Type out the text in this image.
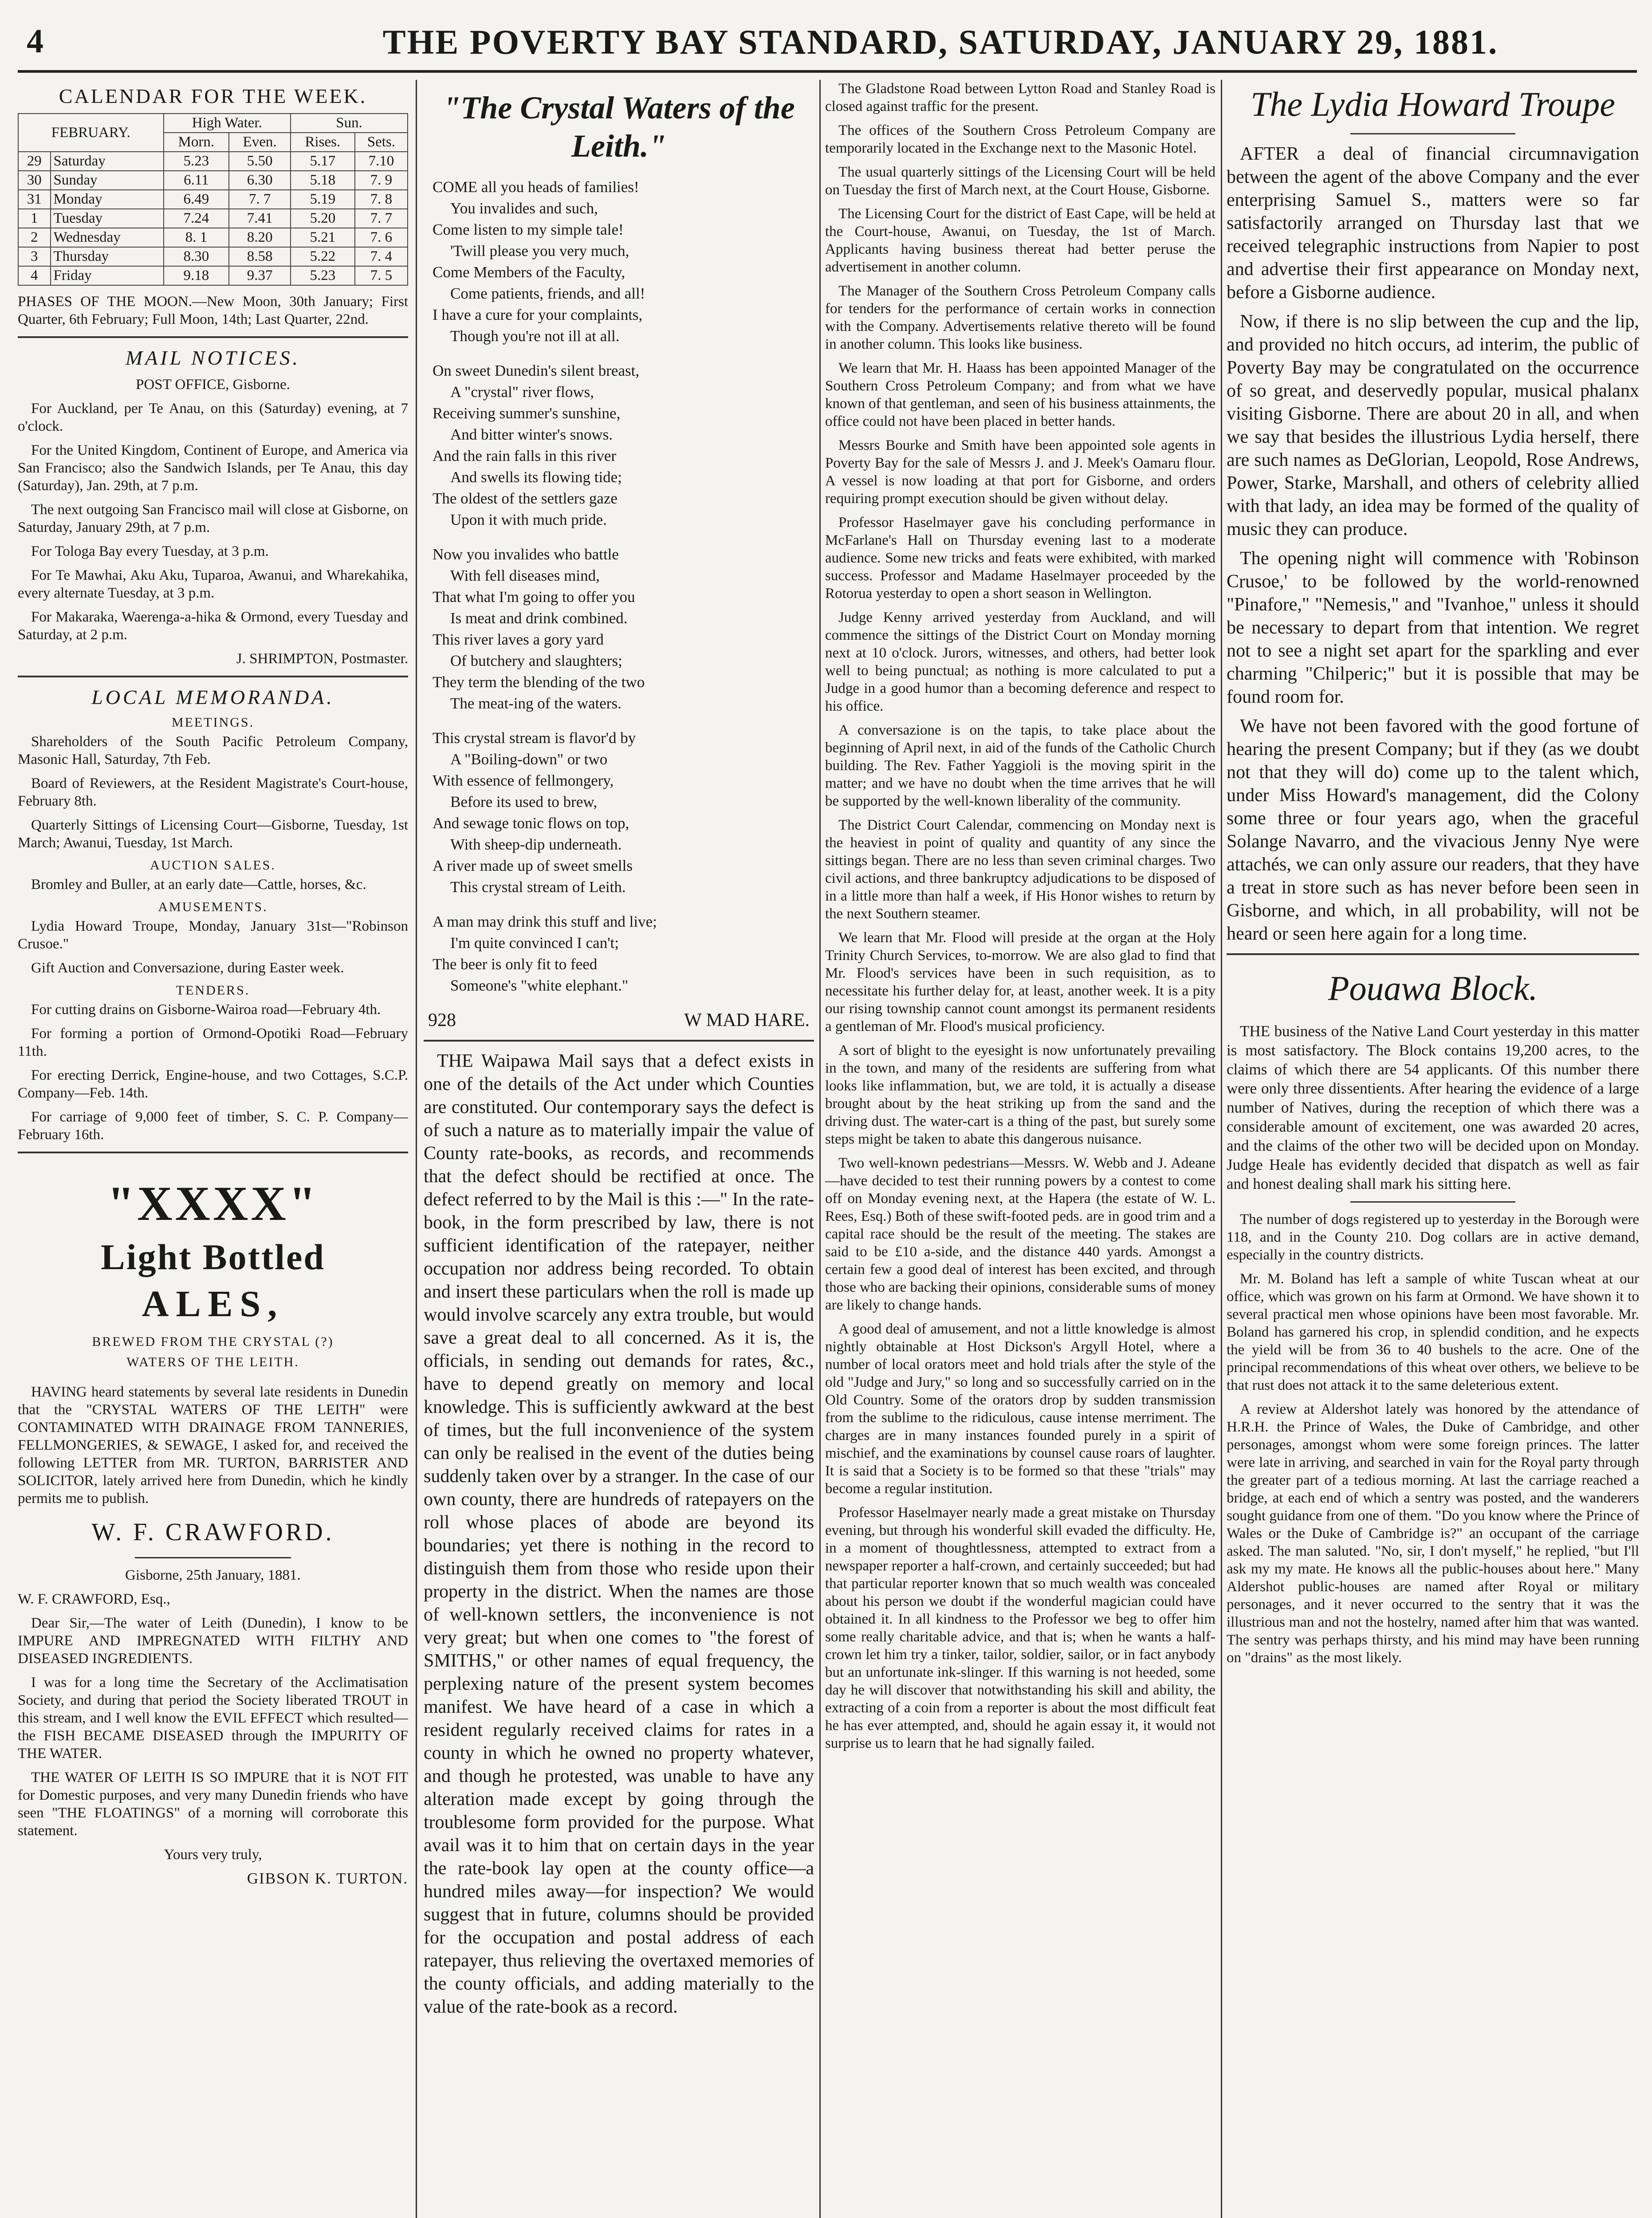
4	THE POVERTY BAY STANDARD, SATURDAY, JANUARY 29, 1881.
CALENDAR FOR THE WEEK.
FEBRUARY.		High Water.		Sun.	
		Morn.	Even.	Rises.	Sets.
29	Saturday	5.23	5.50	5.17	7.10
30	Sunday	6.11	6.30	5.18	7. 9
31	Monday	6.49	7. 7	5.19	7. 8
1	Tuesday	7.24	7.41	5.20	7. 7
2	Wednesday	8. 1	8.20	5.21	7. 6
3	Thursday	8.30	8.58	5.22	7. 4
4	Friday	9.18	9.37	5.23	7. 5

PHASES OF THE MOON.—New Moon, 30th January; First Quarter, 6th February; Full Moon, 14th; Last Quarter, 22nd.

MAIL NOTICES.

POST OFFICE, Gisborne.

For Auckland, per Te Anau, on this (Saturday) evening, at 7 o'clock.

For the United Kingdom, Continent of Europe, and America via San Francisco; also the Sandwich Islands, per Te Anau, this day (Saturday), Jan. 29th, at 7 p.m.

The next outgoing San Francisco mail will close at Gisborne, on Saturday, January 29th, at 7 p.m.

For Tologa Bay every Tuesday, at 3 p.m.

For Te Mawhai, Aku Aku, Tuparoa, Awanui, and Wharekahika, every alternate Tuesday, at 3 p.m.

For Makaraka, Waerenga-a-hika & Ormond, every Tuesday and Saturday, at 2 p.m.

J. SHRIMPTON, Postmaster.

LOCAL MEMORANDA.
MEETINGS.

Shareholders of the South Pacific Petroleum Company, Masonic Hall, Saturday, 7th Feb.

Board of Reviewers, at the Resident Magistrate's Court-house, February 8th.

Quarterly Sittings of Licensing Court—Gisborne, Tuesday, 1st March; Awanui, Tuesday, 1st March.

AUCTION SALES.

Bromley and Buller, at an early date—Cattle, horses, &c.

AMUSEMENTS.

Lydia Howard Troupe, Monday, January 31st—"Robinson Crusoe."

Gift Auction and Conversazione, during Easter week.

TENDERS.

For cutting drains on Gisborne-Wairoa road—February 4th.

For forming a portion of Ormond-Opotiki Road—February 11th.

For erecting Derrick, Engine-house, and two Cottages, S.C.P. Company—Feb. 14th.

For carriage of 9,000 feet of timber, S. C. P. Company—February 16th.

"XXXX"
Light Bottled
ALES,
BREWED FROM THE CRYSTAL (?)
WATERS OF THE LEITH.

HAVING heard statements by several late residents in Dunedin that the "CRYSTAL WATERS OF THE LEITH" were CONTAMINATED WITH DRAINAGE FROM TANNERIES, FELLMONGERIES, & SEWAGE, I asked for, and received the following LETTER from MR. TURTON, BARRISTER AND SOLICITOR, lately arrived here from Dunedin, which he kindly permits me to publish.

W. F. CRAWFORD.

Gisborne, 25th January, 1881.

W. F. CRAWFORD, Esq.,

Dear Sir,—The water of Leith (Dunedin), I know to be IMPURE AND IMPREGNATED WITH FILTHY AND DISEASED INGREDIENTS.

I was for a long time the Secretary of the Acclimatisation Society, and during that period the Society liberated TROUT in this stream, and I well know the EVIL EFFECT which resulted—the FISH BECAME DISEASED through the IMPURITY OF THE WATER.

THE WATER OF LEITH IS SO IMPURE that it is NOT FIT for Domestic purposes, and very many Dunedin friends who have seen "THE FLOATINGS" of a morning will corroborate this statement.

Yours very truly,

GIBSON K. TURTON.
"The Crystal Waters of the Leith."
COME all you heads of families!
You invalides and such,
Come listen to my simple tale!
'Twill please you very much,
Come Members of the Faculty,
Come patients, friends, and all!
I have a cure for your complaints,
Though you're not ill at all.
On sweet Dunedin's silent breast,
A "crystal" river flows,
Receiving summer's sunshine,
And bitter winter's snows.
And the rain falls in this river
And swells its flowing tide;
The oldest of the settlers gaze
Upon it with much pride.
Now you invalides who battle
With fell diseases mind,
That what I'm going to offer you
Is meat and drink combined.
This river laves a gory yard
Of butchery and slaughters;
They term the blending of the two
The meat-ing of the waters.
This crystal stream is flavor'd by
A "Boiling-down" or two
With essence of fellmongery,
Before its used to brew,
And sewage tonic flows on top,
With sheep-dip underneath.
A river made up of sweet smells
This crystal stream of Leith.
A man may drink this stuff and live;
I'm quite convinced I can't;
The beer is only fit to feed
Someone's "white elephant."
928	W MAD HARE.

THE Waipawa Mail says that a defect exists in one of the details of the Act under which Counties are constituted. Our contemporary says the defect is of such a nature as to materially impair the value of County rate-books, as records, and recommends that the defect should be rectified at once. The defect referred to by the Mail is this :—" In the rate-book, in the form prescribed by law, there is not sufficient identification of the ratepayer, neither occupation nor address being recorded. To obtain and insert these particulars when the roll is made up would involve scarcely any extra trouble, but would save a great deal to all concerned. As it is, the officials, in sending out demands for rates, &c., have to depend greatly on memory and local knowledge. This is sufficiently awkward at the best of times, but the full inconvenience of the system can only be realised in the event of the duties being suddenly taken over by a stranger. In the case of our own county, there are hundreds of ratepayers on the roll whose places of abode are beyond its boundaries; yet there is nothing in the record to distinguish them from those who reside upon their property in the district. When the names are those of well-known settlers, the inconvenience is not very great; but when one comes to "the forest of SMITHS," or other names of equal frequency, the perplexing nature of the present system becomes manifest. We have heard of a case in which a resident regularly received claims for rates in a county in which he owned no property whatever, and though he protested, was unable to have any alteration made except by going through the troublesome form provided for the purpose. What avail was it to him that on certain days in the year the rate-book lay open at the county office—a hundred miles away—for inspection? We would suggest that in future, columns should be provided for the occupation and postal address of each ratepayer, thus relieving the overtaxed memories of the county officials, and adding materially to the value of the rate-book as a record.

The Gladstone Road between Lytton Road and Stanley Road is closed against traffic for the present.

The offices of the Southern Cross Petroleum Company are temporarily located in the Exchange next to the Masonic Hotel.

The usual quarterly sittings of the Licensing Court will be held on Tuesday the first of March next, at the Court House, Gisborne.

The Licensing Court for the district of East Cape, will be held at the Court-house, Awanui, on Tuesday, the 1st of March. Applicants having business thereat had better peruse the advertisement in another column.

The Manager of the Southern Cross Petroleum Company calls for tenders for the performance of certain works in connection with the Company. Advertisements relative thereto will be found in another column. This looks like business.

We learn that Mr. H. Haass has been appointed Manager of the Southern Cross Petroleum Company; and from what we have known of that gentleman, and seen of his business attainments, the office could not have been placed in better hands.

Messrs Bourke and Smith have been appointed sole agents in Poverty Bay for the sale of Messrs J. and J. Meek's Oamaru flour. A vessel is now loading at that port for Gisborne, and orders requiring prompt execution should be given without delay.

Professor Haselmayer gave his concluding performance in McFarlane's Hall on Thursday evening last to a moderate audience. Some new tricks and feats were exhibited, with marked success. Professor and Madame Haselmayer proceeded by the Rotorua yesterday to open a short season in Wellington.

Judge Kenny arrived yesterday from Auckland, and will commence the sittings of the District Court on Monday morning next at 10 o'clock. Jurors, witnesses, and others, had better look well to being punctual; as nothing is more calculated to put a Judge in a good humor than a becoming deference and respect to his office.

A conversazione is on the tapis, to take place about the beginning of April next, in aid of the funds of the Catholic Church building. The Rev. Father Yaggioli is the moving spirit in the matter; and we have no doubt when the time arrives that he will be supported by the well-known liberality of the community.

The District Court Calendar, commencing on Monday next is the heaviest in point of quality and quantity of any since the sittings began. There are no less than seven criminal charges. Two civil actions, and three bankruptcy adjudications to be disposed of in a little more than half a week, if His Honor wishes to return by the next Southern steamer.

We learn that Mr. Flood will preside at the organ at the Holy Trinity Church Services, to-morrow. We are also glad to find that Mr. Flood's services have been in such requisition, as to necessitate his further delay for, at least, another week. It is a pity our rising township cannot count amongst its permanent residents a gentleman of Mr. Flood's musical proficiency.

A sort of blight to the eyesight is now unfortunately prevailing in the town, and many of the residents are suffering from what looks like inflammation, but, we are told, it is actually a disease brought about by the heat striking up from the sand and the driving dust. The water-cart is a thing of the past, but surely some steps might be taken to abate this dangerous nuisance.

Two well-known pedestrians—Messrs. W. Webb and J. Adeane—have decided to test their running powers by a contest to come off on Monday evening next, at the Hapera (the estate of W. L. Rees, Esq.) Both of these swift-footed peds. are in good trim and a capital race should be the result of the meeting. The stakes are said to be £10 a-side, and the distance 440 yards. Amongst a certain few a good deal of interest has been excited, and through those who are backing their opinions, considerable sums of money are likely to change hands.

A good deal of amusement, and not a little knowledge is almost nightly obtainable at Host Dickson's Argyll Hotel, where a number of local orators meet and hold trials after the style of the old "Judge and Jury," so long and so successfully carried on in the Old Country. Some of the orators drop by sudden transmission from the sublime to the ridiculous, cause intense merriment. The charges are in many instances founded purely in a spirit of mischief, and the examinations by counsel cause roars of laughter. It is said that a Society is to be formed so that these "trials" may become a regular institution.

Professor Haselmayer nearly made a great mistake on Thursday evening, but through his wonderful skill evaded the difficulty. He, in a moment of thoughtlessness, attempted to extract from a newspaper reporter a half-crown, and certainly succeeded; but had that particular reporter known that so much wealth was concealed about his person we doubt if the wonderful magician could have obtained it. In all kindness to the Professor we beg to offer him some really charitable advice, and that is; when he wants a half-crown let him try a tinker, tailor, soldier, sailor, or in fact anybody but an unfortunate ink-slinger. If this warning is not heeded, some day he will discover that notwithstanding his skill and ability, the extracting of a coin from a reporter is about the most difficult feat he has ever attempted, and, should he again essay it, it would not surprise us to learn that he had signally failed.

The Lydia Howard Troupe

AFTER a deal of financial circumnavigation between the agent of the above Company and the ever enterprising Samuel S., matters were so far satisfactorily arranged on Thursday last that we received telegraphic instructions from Napier to post and advertise their first appearance on Monday next, before a Gisborne audience.

Now, if there is no slip between the cup and the lip, and provided no hitch occurs, ad interim, the public of Poverty Bay may be congratulated on the occurrence of so great, and deservedly popular, musical phalanx visiting Gisborne. There are about 20 in all, and when we say that besides the illustrious Lydia herself, there are such names as DeGlorian, Leopold, Rose Andrews, Power, Starke, Marshall, and others of celebrity allied with that lady, an idea may be formed of the quality of music they can produce.

The opening night will commence with 'Robinson Crusoe,' to be followed by the world-renowned "Pinafore," "Nemesis," and "Ivanhoe," unless it should be necessary to depart from that intention. We regret not to see a night set apart for the sparkling and ever charming "Chilperic;" but it is possible that may be found room for.

We have not been favored with the good fortune of hearing the present Company; but if they (as we doubt not that they will do) come up to the talent which, under Miss Howard's management, did the Colony some three or four years ago, when the graceful Solange Navarro, and the vivacious Jenny Nye were attachés, we can only assure our readers, that they have a treat in store such as has never before been seen in Gisborne, and which, in all probability, will not be heard or seen here again for a long time.

Pouawa Block.

THE business of the Native Land Court yesterday in this matter is most satisfactory. The Block contains 19,200 acres, to the claims of which there are 54 applicants. Of this number there were only three dissentients. After hearing the evidence of a large number of Natives, during the reception of which there was a considerable amount of excitement, one was awarded 20 acres, and the claims of the other two will be decided upon on Monday. Judge Heale has evidently decided that dispatch as well as fair and honest dealing shall mark his sitting here.

The number of dogs registered up to yesterday in the Borough were 118, and in the County 210. Dog collars are in active demand, especially in the country districts.

Mr. M. Boland has left a sample of white Tuscan wheat at our office, which was grown on his farm at Ormond. We have shown it to several practical men whose opinions have been most favorable. Mr. Boland has garnered his crop, in splendid condition, and he expects the yield will be from 36 to 40 bushels to the acre. One of the principal recommendations of this wheat over others, we believe to be that rust does not attack it to the same deleterious extent.

A review at Aldershot lately was honored by the attendance of H.R.H. the Prince of Wales, the Duke of Cambridge, and other personages, amongst whom were some foreign princes. The latter were late in arriving, and searched in vain for the Royal party through the greater part of a tedious morning. At last the carriage reached a bridge, at each end of which a sentry was posted, and the wanderers sought guidance from one of them. "Do you know where the Prince of Wales or the Duke of Cambridge is?" an occupant of the carriage asked. The man saluted. "No, sir, I don't myself," he replied, "but I'll ask my my mate. He knows all the public-houses about here." Many Aldershot public-houses are named after Royal or military personages, and it never occurred to the sentry that it was the illustrious man and not the hostelry, named after him that was wanted. The sentry was perhaps thirsty, and his mind may have been running on "drains" as the most likely.
